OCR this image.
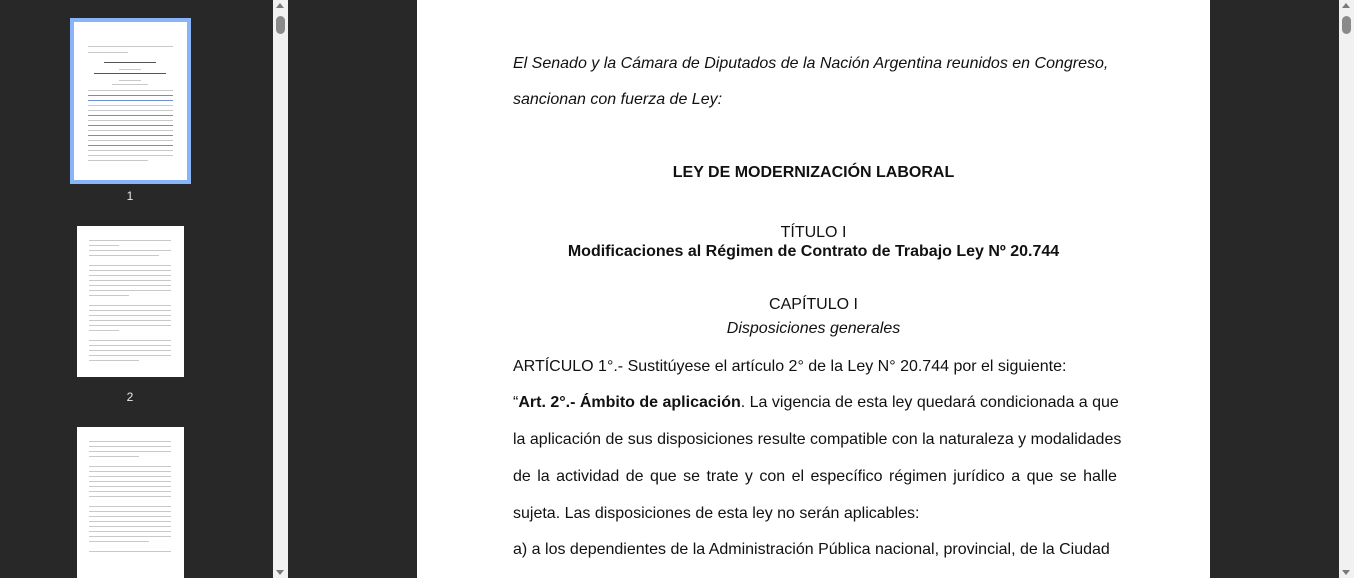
1
2
El Senado y la Cámara de Diputados de la Nación Argentina reunidos en Congreso,
sancionan con fuerza de Ley:
LEY DE MODERNIZACIÓN LABORAL
TÍTULO I
Modificaciones al Régimen de Contrato de Trabajo Ley Nº 20.744
CAPÍTULO I
Disposiciones generales
ARTÍCULO 1°.- Sustitúyese el artículo 2° de la Ley N° 20.744 por el siguiente:
“Art. 2°.- Ámbito de aplicación. La vigencia de esta ley quedará condicionada a que
la aplicación de sus disposiciones resulte compatible con la naturaleza y modalidades
de la actividad de que se trate y con el específico régimen jurídico a que se halle
sujeta. Las disposiciones de esta ley no serán aplicables:
a) a los dependientes de la Administración Pública nacional, provincial, de la Ciudad
